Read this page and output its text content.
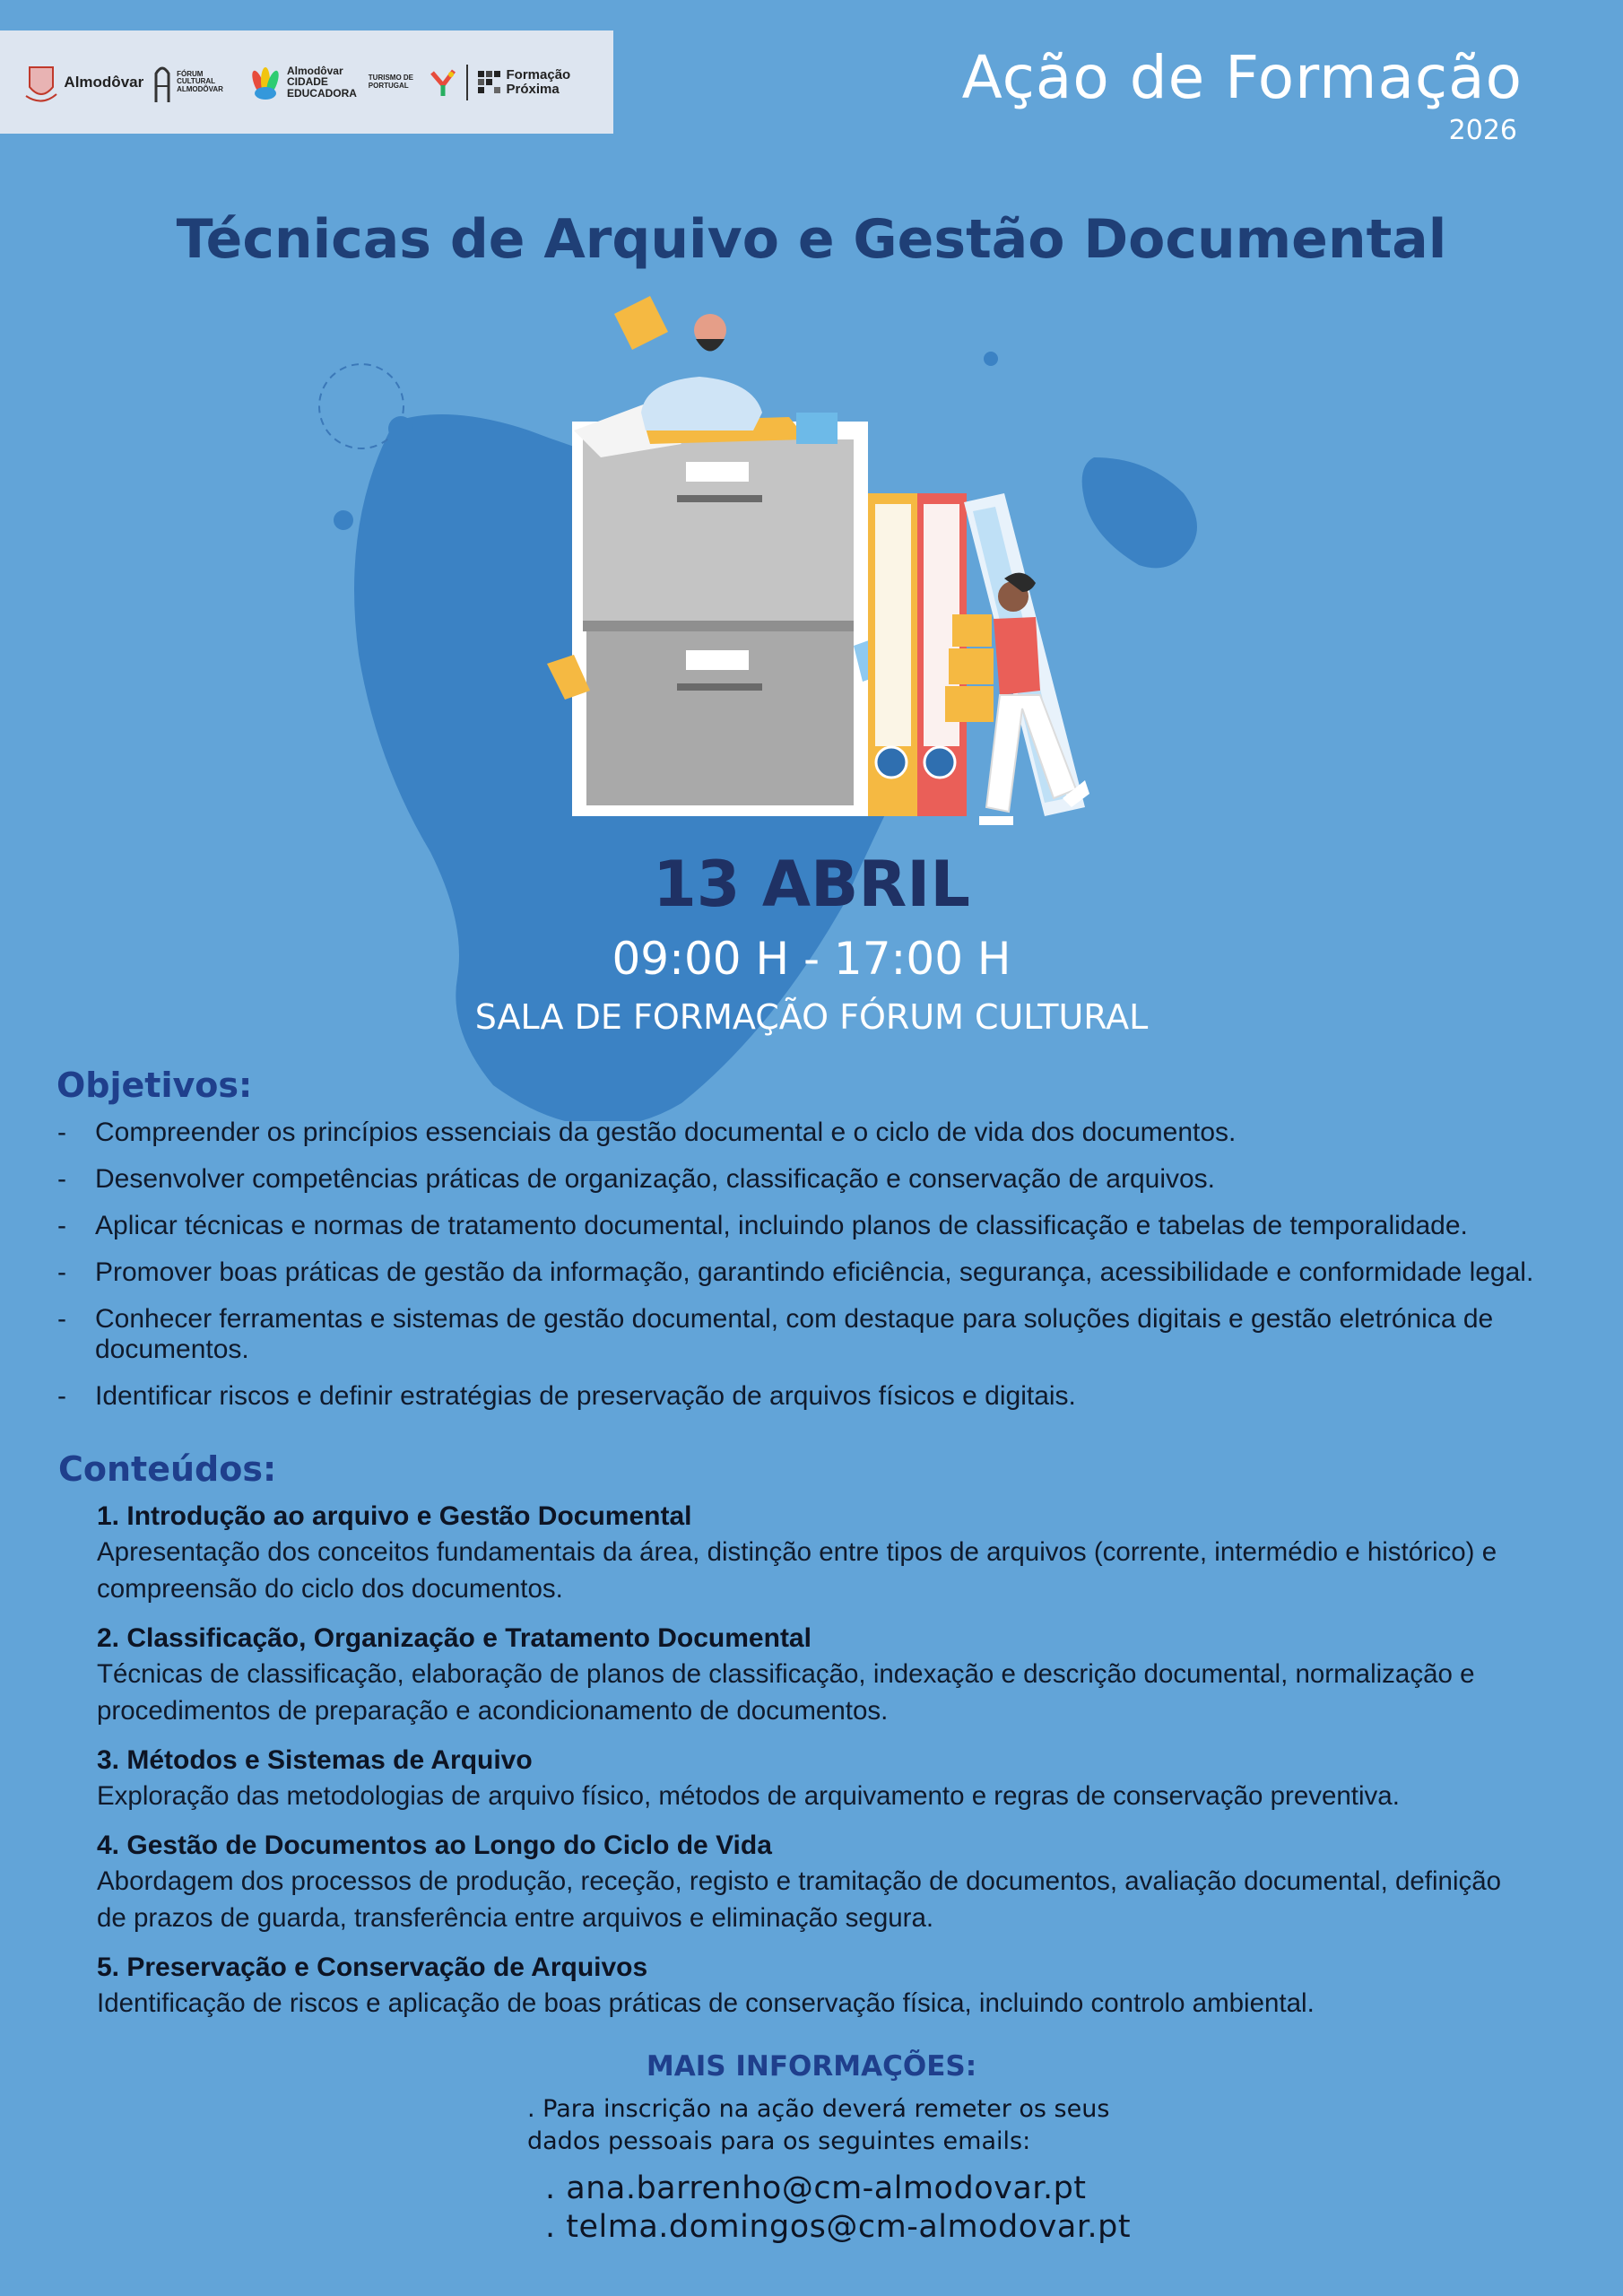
Almodôvar	FÓRUM CULTURAL ALMODÔVAR
Almodôvar CIDADE EDUCADORA
TURISMO DE PORTUGAL
Formação Próxima	Ação de Formação
2026
Técnicas de Arquivo e Gestão Documental
13 ABRIL
09:00 H - 17:00 H
SALA DE FORMAÇÃO FÓRUM CULTURAL
Objetivos:
- Compreender os princípios essenciais da gestão documental e o ciclo de vida dos documentos.
- Desenvolver competências práticas de organização, classificação e conservação de arquivos.
- Aplicar técnicas e normas de tratamento documental, incluindo planos de classificação e tabelas de temporalidade.
- Promover boas práticas de gestão da informação, garantindo eficiência, segurança, acessibilidade e conformidade legal.
- Conhecer ferramentas e sistemas de gestão documental, com destaque para soluções digitais e gestão eletrónica de documentos.
- Identificar riscos e definir estratégias de preservação de arquivos físicos e digitais.
Conteúdos:
1. Introdução ao arquivo e Gestão Documental
Apresentação dos conceitos fundamentais da área, distinção entre tipos de arquivos (corrente, intermédio e histórico) e compreensão do ciclo dos documentos.
2. Classificação, Organização e Tratamento Documental
Técnicas de classificação, elaboração de planos de classificação, indexação e descrição documental, normalização e procedimentos de preparação e acondicionamento de documentos.
3. Métodos e Sistemas de Arquivo
Exploração das metodologias de arquivo físico, métodos de arquivamento e regras de conservação preventiva.
4. Gestão de Documentos ao Longo do Ciclo de Vida
Abordagem dos processos de produção, receção, registo e tramitação de documentos, avaliação documental, definição de prazos de guarda, transferência entre arquivos e eliminação segura.
5. Preservação e Conservação de Arquivos
Identificação de riscos e aplicação de boas práticas de conservação física, incluindo controlo ambiental.
MAIS INFORMAÇÕES:
. Para inscrição na ação deverá remeter os seus dados pessoais para os seguintes emails:
. ana.barrenho@cm-almodovar.pt
. telma.domingos@cm-almodovar.pt
